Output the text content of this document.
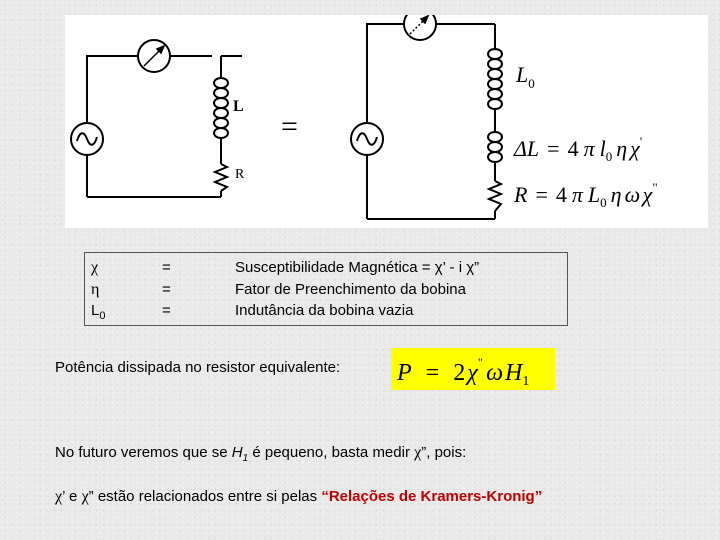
L
R
=
$L_0$
ΔL = 4 π $l_0$ η χ'
R = 4 π $L_0$ η ω χ"
χ	=	Susceptibilidade Magnética = χ’ - i χ”
η	=	Fator de Preenchimento da bobina
$L_0$	=	Indutância da bobina vazia
Potência dissipada no resistor equivalente: P = 2χ" $\omega H_1$
No futuro veremos que se $H_1$ é pequeno, basta medir χ”, pois:
χ’ e χ” estão relacionados entre si pelas “Relações de Kramers-Kronig”
